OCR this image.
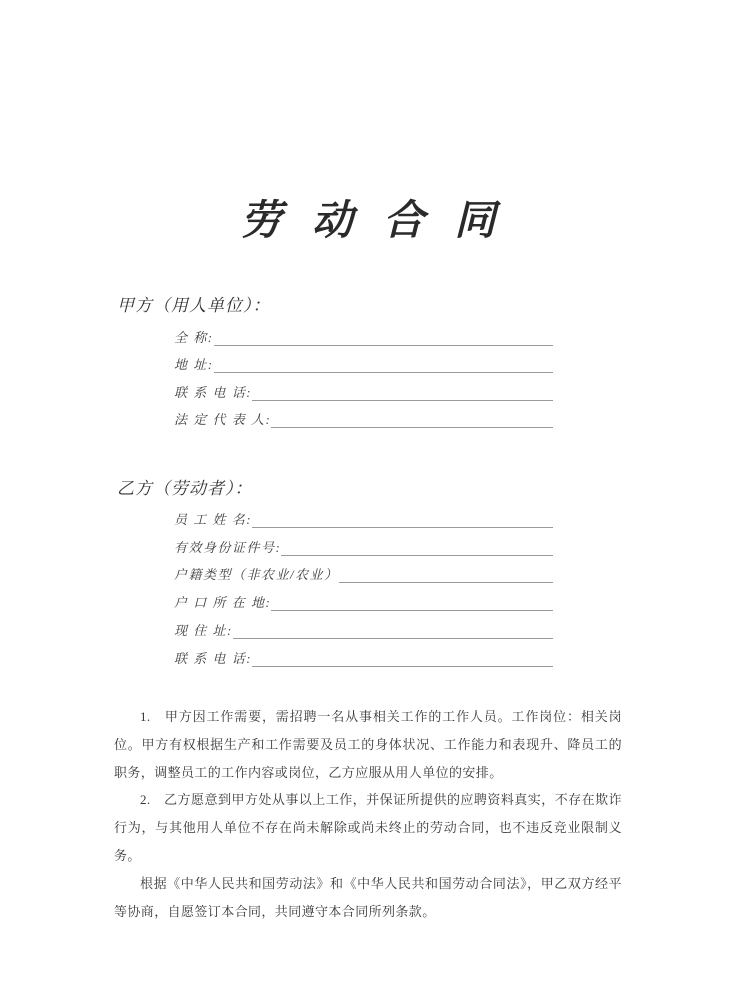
劳 动 合 同
甲方（用人单位）：
全 称:
地 址:
联 系 电 话:
法 定 代 表 人:
乙方（劳动者）：
员 工 姓 名:
有效身份证件号:
户籍类型（非农业/农业）
户 口 所 在 地:
现 住 址:
联 系 电 话:

1.　甲方因工作需要，需招聘一名从事相关工作的工作人员。工作岗位：相关岗位。甲方有权根据生产和工作需要及员工的身体状况、工作能力和表现升、降员工的职务，调整员工的工作内容或岗位，乙方应服从用人单位的安排。

2.　乙方愿意到甲方处从事以上工作，并保证所提供的应聘资料真实，不存在欺诈行为，与其他用人单位不存在尚未解除或尚未终止的劳动合同，也不违反竞业限制义务。

根据《中华人民共和国劳动法》和《中华人民共和国劳动合同法》，甲乙双方经平等协商，自愿签订本合同，共同遵守本合同所列条款。
